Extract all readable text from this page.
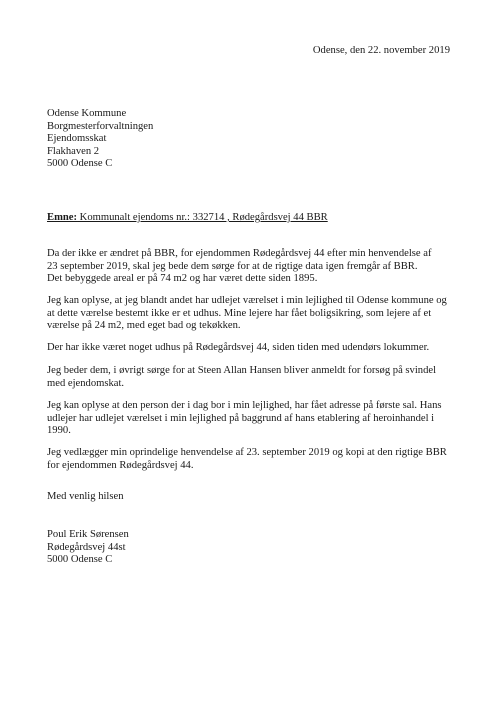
Odense, den 22. november 2019
Odense Kommune
Borgmesterforvaltningen
Ejendomsskat
Flakhaven 2
5000 Odense C
Emne: Kommunalt ejendoms nr.: 332714 , Rødegårdsvej 44 BBR
Da der ikke er ændret på BBR, for ejendommen Rødegårdsvej 44 efter min henvendelse af
23 september 2019, skal jeg bede dem sørge for at de rigtige data igen fremgår af BBR.
Det bebyggede areal er på 74 m2 og har været dette siden 1895.
Jeg kan oplyse, at jeg blandt andet har udlejet værelset i min lejlighed til Odense kommune og
at dette værelse bestemt ikke er et udhus. Mine lejere har fået boligsikring, som lejere af et
værelse på 24 m2, med eget bad og tekøkken.
Der har ikke været noget udhus på Rødegårdsvej 44, siden tiden med udendørs lokummer.
Jeg beder dem, i øvrigt sørge for at Steen Allan Hansen bliver anmeldt for forsøg på svindel
med ejendomskat.
Jeg kan oplyse at den person der i dag bor i min lejlighed, har fået adresse på første sal. Hans
udlejer har udlejet værelset i min lejlighed på baggrund af hans etablering af heroinhandel i
1990.
Jeg vedlægger min oprindelige henvendelse af 23. september 2019 og kopi at den rigtige BBR
for ejendommen Rødegårdsvej 44.
Med venlig hilsen
Poul Erik Sørensen
Rødegårdsvej 44st
5000 Odense C
